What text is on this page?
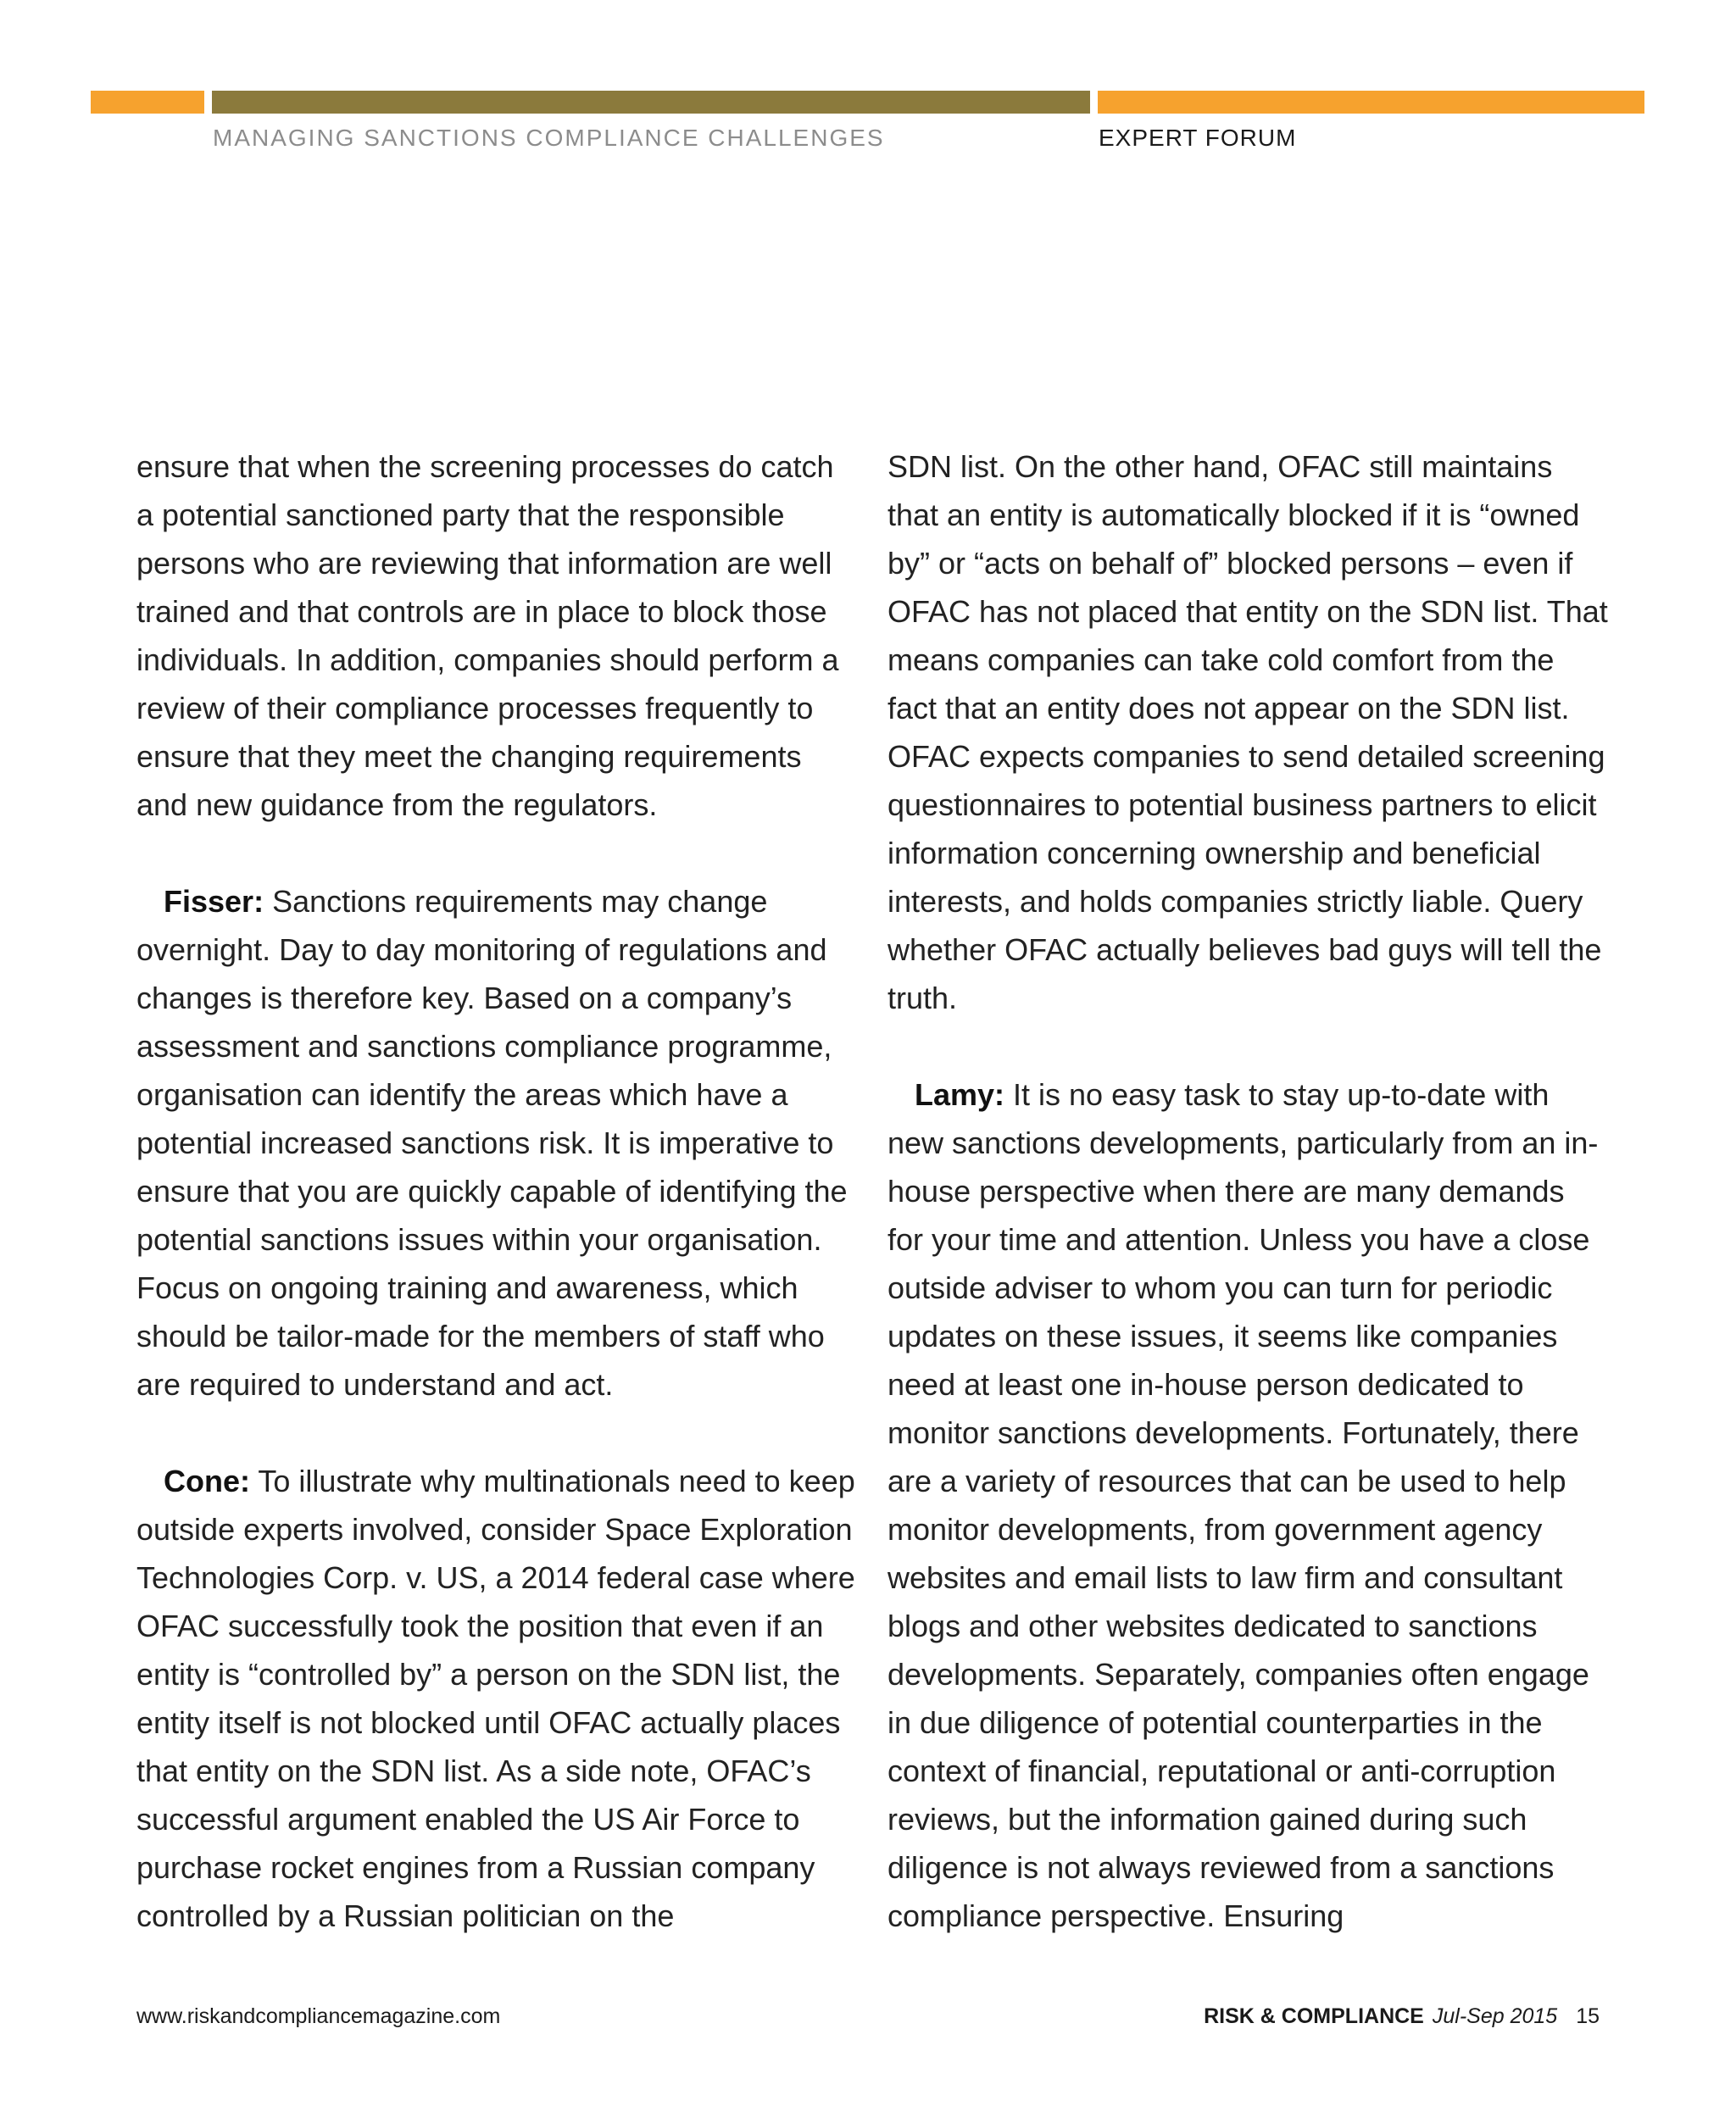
MANAGING SANCTIONS COMPLIANCE CHALLENGES	EXPERT FORUM

ensure that when the screening processes do catch a potential sanctioned party that the responsible persons who are reviewing that information are well trained and that controls are in place to block those individuals. In addition, companies should perform a review of their compliance processes frequently to ensure that they meet the changing requirements and new guidance from the regulators.

Fisser: Sanctions requirements may change overnight. Day to day monitoring of regulations and changes is therefore key. Based on a company’s assessment and sanctions compliance programme, organisation can identify the areas which have a potential increased sanctions risk. It is imperative to ensure that you are quickly capable of identifying the potential sanctions issues within your organisation. Focus on ongoing training and awareness, which should be tailor-made for the members of staff who are required to understand and act.

Cone: To illustrate why multinationals need to keep outside experts involved, consider Space Exploration Technologies Corp. v. US, a 2014 federal case where OFAC successfully took the position that even if an entity is “controlled by” a person on the SDN list, the entity itself is not blocked until OFAC actually places that entity on the SDN list. As a side note, OFAC’s successful argument enabled the US Air Force to purchase rocket engines from a Russian company controlled by a Russian politician on the

SDN list. On the other hand, OFAC still maintains that an entity is automatically blocked if it is “owned by” or “acts on behalf of” blocked persons – even if OFAC has not placed that entity on the SDN list. That means companies can take cold comfort from the fact that an entity does not appear on the SDN list. OFAC expects companies to send detailed screening questionnaires to potential business partners to elicit information concerning ownership and beneficial interests, and holds companies strictly liable. Query whether OFAC actually believes bad guys will tell the truth.

Lamy: It is no easy task to stay up-to-date with new sanctions developments, particularly from an in-house perspective when there are many demands for your time and attention. Unless you have a close outside adviser to whom you can turn for periodic updates on these issues, it seems like companies need at least one in-house person dedicated to monitor sanctions developments. Fortunately, there are a variety of resources that can be used to help monitor developments, from government agency websites and email lists to law firm and consultant blogs and other websites dedicated to sanctions developments. Separately, companies often engage in due diligence of potential counterparties in the context of financial, reputational or anti-corruption reviews, but the information gained during such diligence is not always reviewed from a sanctions compliance perspective. Ensuring

www.riskandcompliancemagazine.com	RISK & COMPLIANCE Jul-Sep 2015 15
